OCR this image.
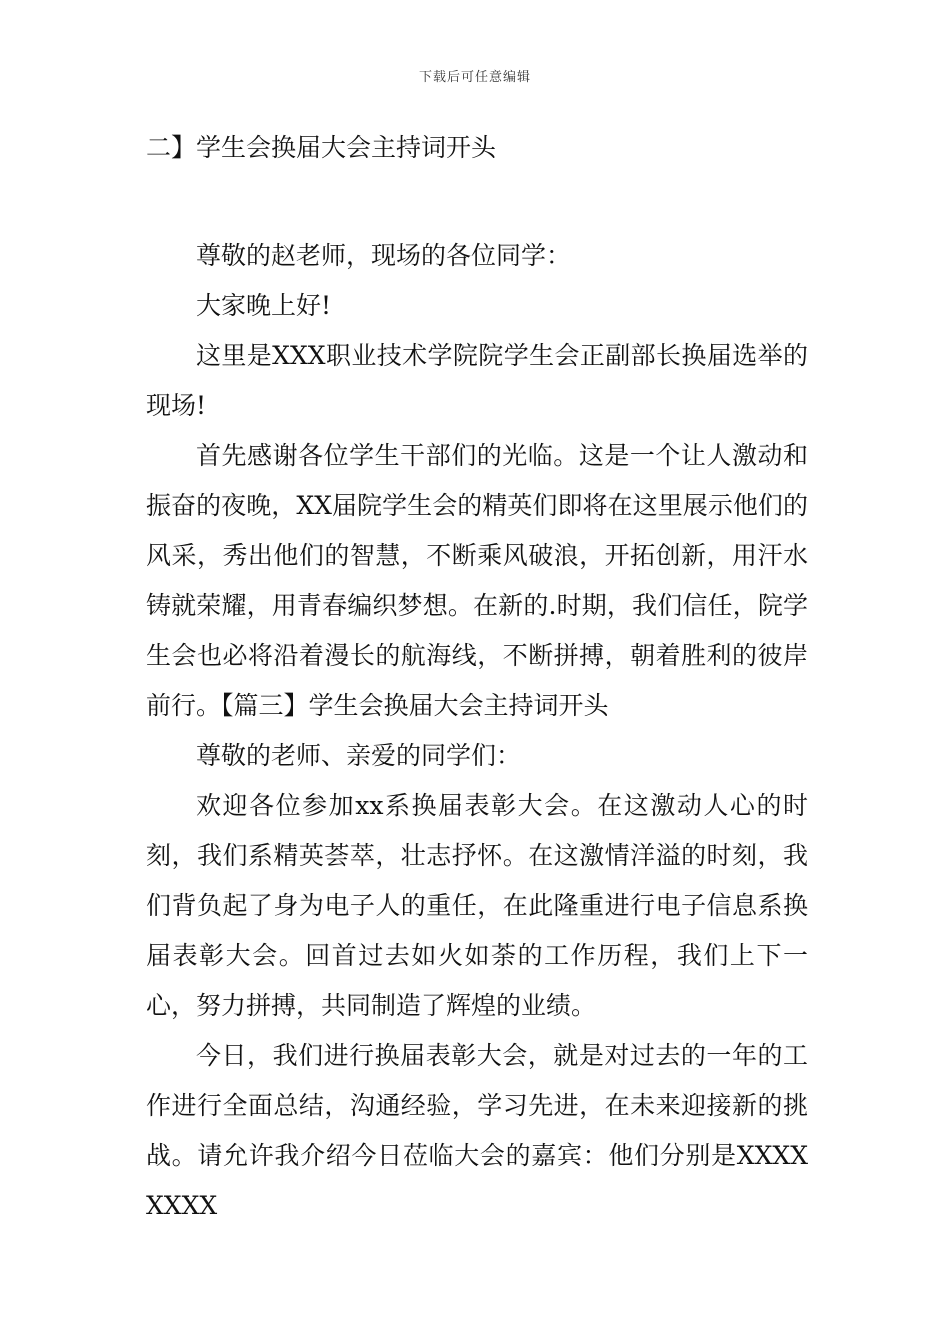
下载后可任意编辑
二】学生会换届大会主持词开头

尊敬的赵老师，现场的各位同学：

大家晚上好!

这里是XXX职业技术学院院学生会正副部长换届选举的现场!

首先感谢各位学生干部们的光临。这是一个让人激动和振奋的夜晚，XX届院学生会的精英们即将在这里展示他们的风采，秀出他们的智慧，不断乘风破浪，开拓创新，用汗水铸就荣耀，用青春编织梦想。在新的.时期，我们信任，院学生会也必将沿着漫长的航海线，不断拼搏，朝着胜利的彼岸前行。【篇三】学生会换届大会主持词开头

尊敬的老师、亲爱的同学们：

欢迎各位参加xx系换届表彰大会。在这激动人心的时刻，我们系精英荟萃，壮志抒怀。在这激情洋溢的时刻，我们背负起了身为电子人的重任，在此隆重进行电子信息系换届表彰大会。回首过去如火如荼的工作历程，我们上下一心，努力拼搏，共同制造了辉煌的业绩。

今日，我们进行换届表彰大会，就是对过去的一年的工作进行全面总结，沟通经验，学习先进，在未来迎接新的挑战。请允许我介绍今日莅临大会的嘉宾：他们分别是XXXXXXXX
